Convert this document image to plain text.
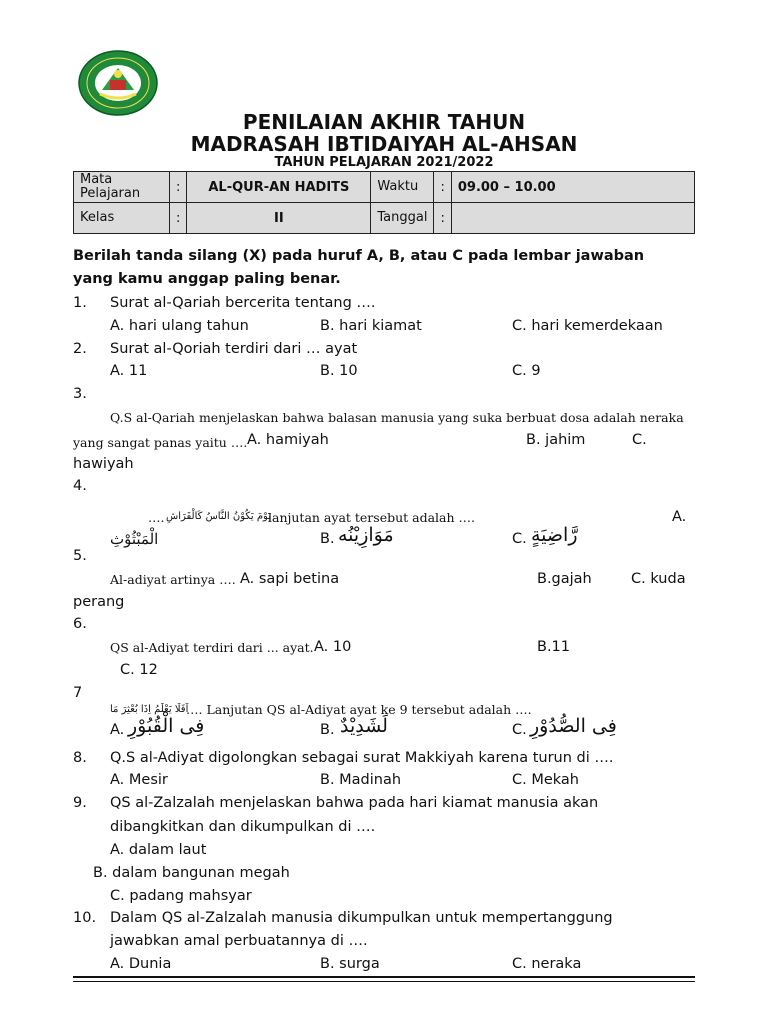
PENILAIAN AKHIR TAHUN
MADRASAH IBTIDAIYAH AL-AHSAN
TAHUN PELAJARAN 2021/2022
Mata Pelajaran	:	AL-QUR-AN HADITS	Waktu	:	09.00 – 10.00
Kelas	:	II	Tanggal	:	
Berilah tanda silang (X) pada huruf A, B, atau C pada lembar jawaban
yang kamu anggap paling benar.
1. Surat al-Qariah bercerita tentang ….
A. hari ulang tahun	B. hari kiamat	C. hari kemerdekaan
2. Surat al-Qoriah terdiri dari … ayat
A. 11	B. 10	C. 9
3.
Q.S al-Qariah menjelaskan bahwa balasan manusia yang suka berbuat dosa adalah neraka
yang sangat panas yaitu …. A. hamiyah	B. jahim	C.
hawiyah
4.
…. يَوْمَ يَكُوْنُ النَّاسُ كَالْفَرَاشِ
lanjutan ayat tersebut adalah ….	A.
الْمَبْثُوْثِ	B. مَوَازِيْنُه	C. رَّاضِيَةٍ
5.
Al-adiyat artinya …. A. sapi betina	B.gajah	C. kuda
perang
6.
QS al-Adiyat terdiri dari ... ayat. A. 10	B.11
C. 12
7
اَفَلَا يَعْلَمُ اِذَا بُعْثِرَ مَا
…. Lanjutan QS al-Adiyat ayat ke 9 tersebut adalah ….
A. فِى الْقُبُوْرِ	B. لَشَدِيْدٌ	C. فِى الصُّدُوْرِ
8. Q.S al-Adiyat digolongkan sebagai surat Makkiyah karena turun di ….
A. Mesir	B. Madinah	C. Mekah
9. QS al-Zalzalah menjelaskan bahwa pada hari kiamat manusia akan
dibangkitkan dan dikumpulkan di ….
A. dalam laut
B. dalam bangunan megah
C. padang mahsyar
10. Dalam QS al-Zalzalah manusia dikumpulkan untuk mempertanggung
jawabkan amal perbuatannya di ….
A. Dunia	B. surga	C. neraka
